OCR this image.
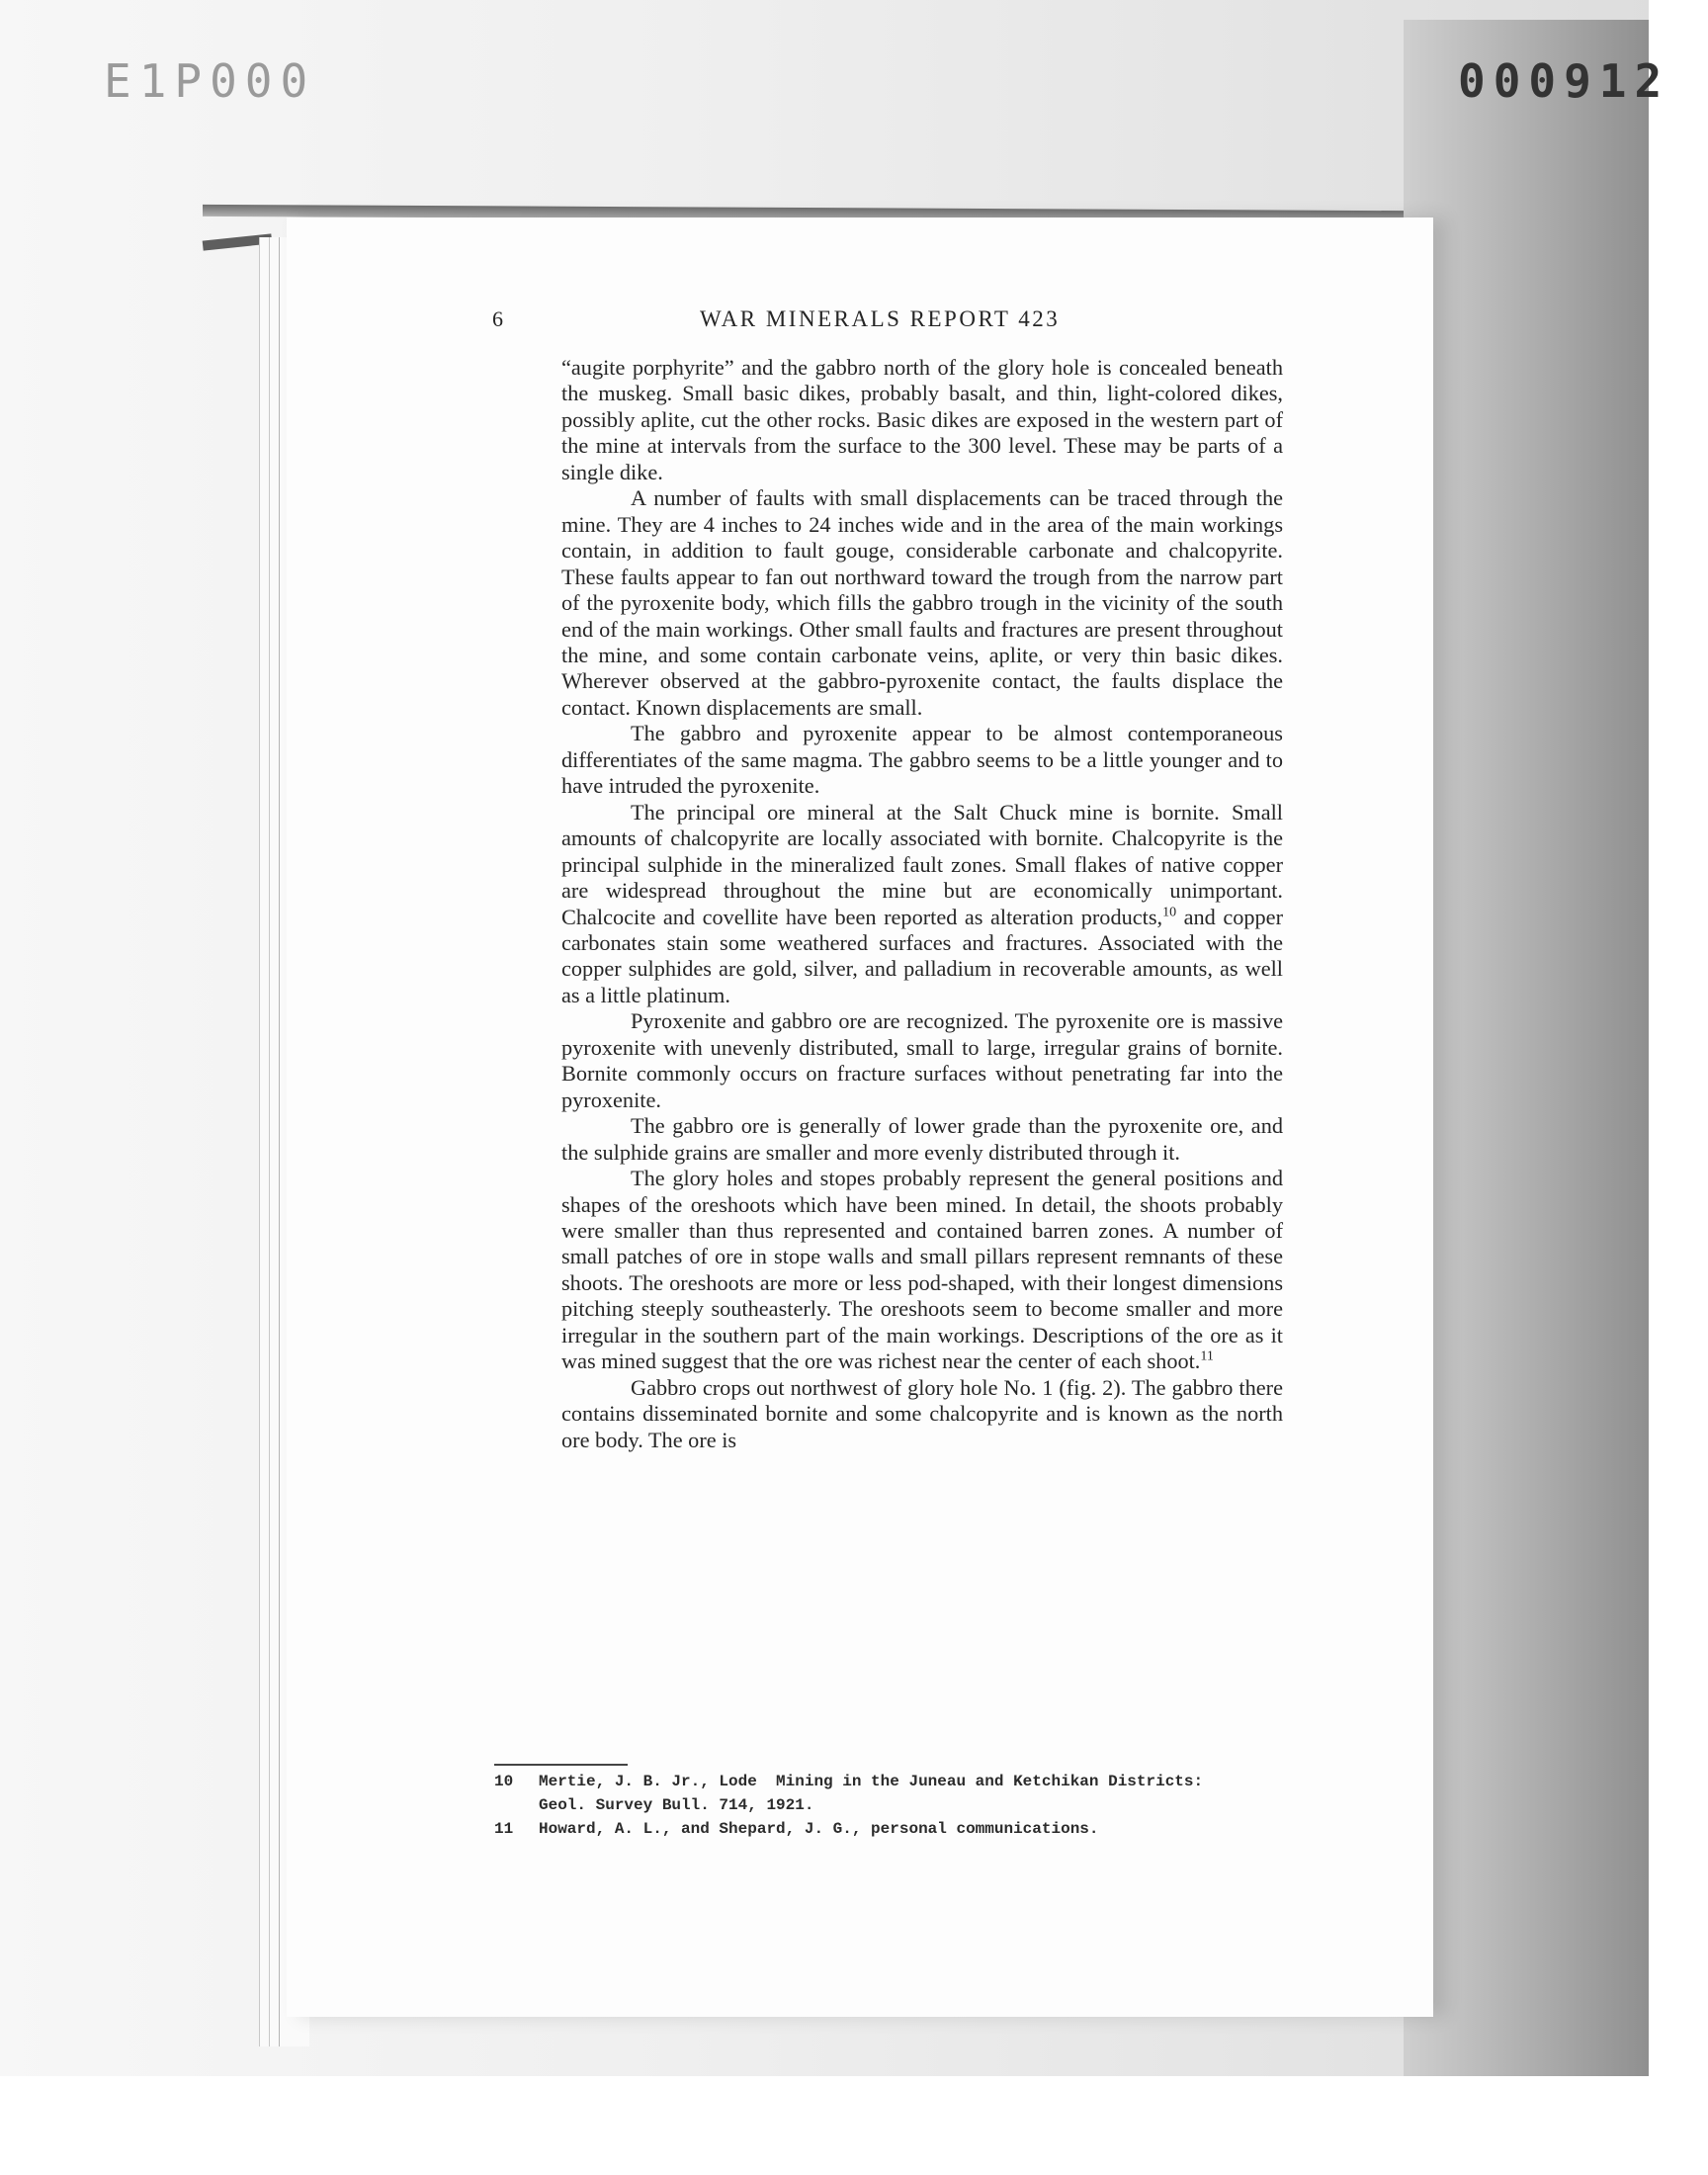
E1P000	000912
6	WAR MINERALS REPORT 423

“augite porphyrite” and the gabbro north of the glory hole is concealed beneath the muskeg. Small basic dikes, probably basalt, and thin, light-colored dikes, possibly aplite, cut the other rocks. Basic dikes are exposed in the western part of the mine at intervals from the surface to the 300 level. These may be parts of a single dike.

A number of faults with small displacements can be traced through the mine. They are 4 inches to 24 inches wide and in the area of the main workings contain, in addition to fault gouge, considerable carbonate and chalcopyrite. These faults appear to fan out northward toward the trough from the narrow part of the pyroxenite body, which fills the gabbro trough in the vicinity of the south end of the main workings. Other small faults and fractures are present throughout the mine, and some contain carbonate veins, aplite, or very thin basic dikes. Wherever observed at the gabbro-pyroxenite contact, the faults displace the contact. Known displacements are small.

The gabbro and pyroxenite appear to be almost contemporaneous differentiates of the same magma. The gabbro seems to be a little younger and to have intruded the pyroxenite.

The principal ore mineral at the Salt Chuck mine is bornite. Small amounts of chalcopyrite are locally associated with bornite. Chalcopyrite is the principal sulphide in the mineralized fault zones. Small flakes of native copper are widespread throughout the mine but are economically unimportant. Chalcocite and covellite have been reported as alteration products,$^{10}$ and copper carbonates stain some weathered surfaces and fractures. Associated with the copper sulphides are gold, silver, and palladium in recoverable amounts, as well as a little platinum.

Pyroxenite and gabbro ore are recognized. The pyroxenite ore is massive pyroxenite with unevenly distributed, small to large, irregular grains of bornite. Bornite commonly occurs on fracture surfaces without penetrating far into the pyroxenite.

The gabbro ore is generally of lower grade than the pyroxenite ore, and the sulphide grains are smaller and more evenly distributed through it.

The glory holes and stopes probably represent the general positions and shapes of the oreshoots which have been mined. In detail, the shoots probably were smaller than thus represented and contained barren zones. A number of small patches of ore in stope walls and small pillars represent remnants of these shoots. The oreshoots are more or less pod-shaped, with their longest dimensions pitching steeply southeasterly. The oreshoots seem to become smaller and more irregular in the southern part of the main workings. Descriptions of the ore as it was mined suggest that the ore was richest near the center of each shoot.$^{11}$

Gabbro crops out northwest of glory hole No. 1 (fig. 2). The gabbro there contains disseminated bornite and some chalcopyrite and is known as the north ore body. The ore is

10 Mertie, J. B. Jr., Lode  Mining in the Juneau and Ketchikan Districts:
Geol. Survey Bull. 714, 1921.
11 Howard, A. L., and Shepard, J. G., personal communications.
